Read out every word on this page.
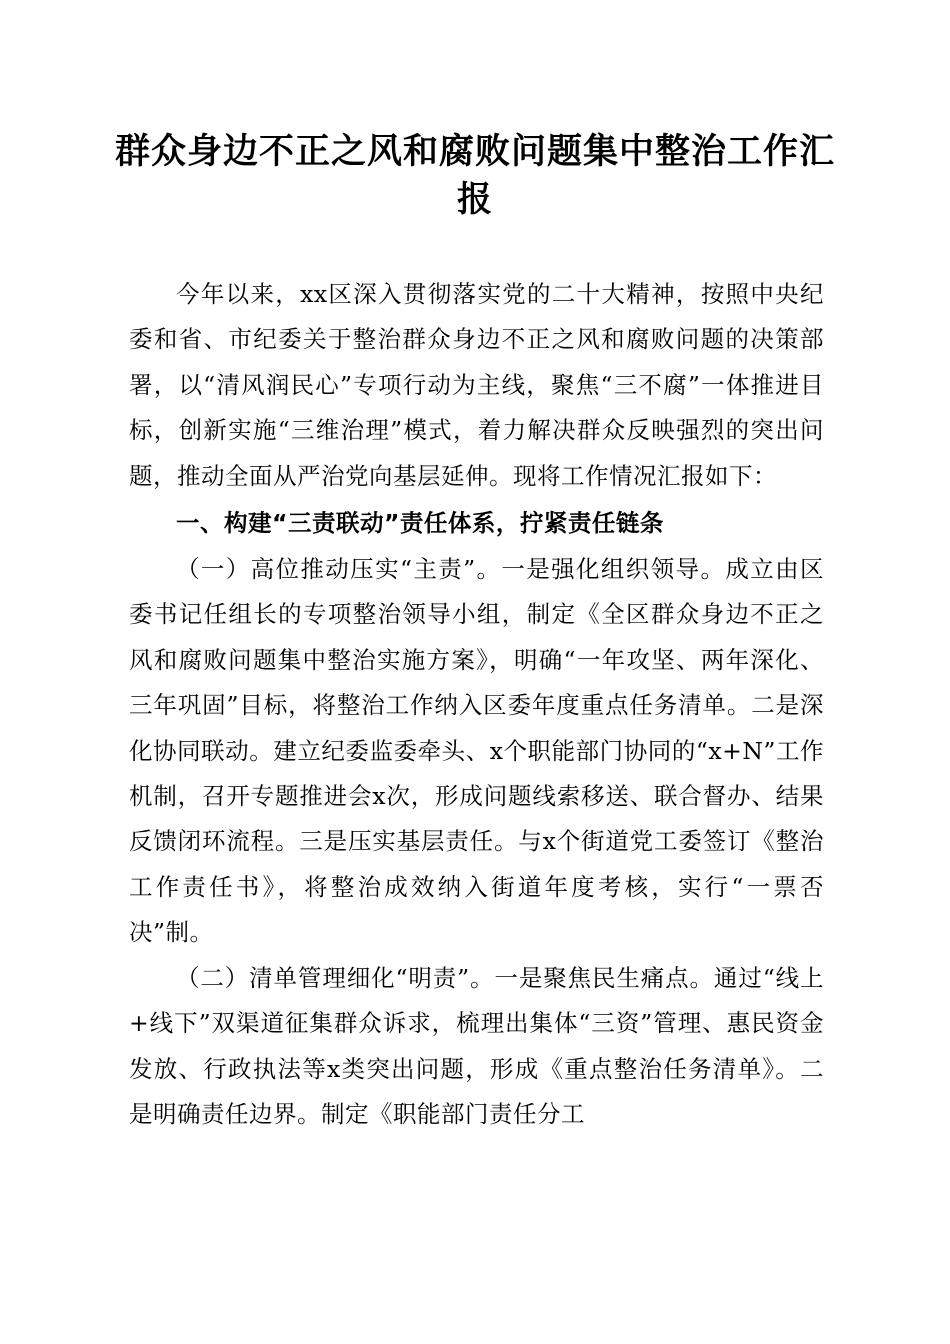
群众身边不正之风和腐败问题集中整治工作汇报

今年以来，xx区深入贯彻落实党的二十大精神，按照中央纪委和省、市纪委关于整治群众身边不正之风和腐败问题的决策部署，以“清风润民心”专项行动为主线，聚焦“三不腐”一体推进目标，创新实施“三维治理”模式，着力解决群众反映强烈的突出问题，推动全面从严治党向基层延伸。现将工作情况汇报如下：

一、构建“三责联动”责任体系，拧紧责任链条

（一）高位推动压实“主责”。一是强化组织领导。成立由区委书记任组长的专项整治领导小组，制定《全区群众身边不正之风和腐败问题集中整治实施方案》，明确“一年攻坚、两年深化、三年巩固”目标，将整治工作纳入区委年度重点任务清单。二是深化协同联动。建立纪委监委牵头、x个职能部门协同的“x+N”工作机制，召开专题推进会x次，形成问题线索移送、联合督办、结果反馈闭环流程。三是压实基层责任。与x个街道党工委签订《整治工作责任书》，将整治成效纳入街道年度考核，实行“一票否决”制。

（二）清单管理细化“明责”。一是聚焦民生痛点。通过“线上+线下”双渠道征集群众诉求，梳理出集体“三资”管理、惠民资金发放、行政执法等x类突出问题，形成《重点整治任务清单》。二是明确责任边界。制定《职能部门责任分工
